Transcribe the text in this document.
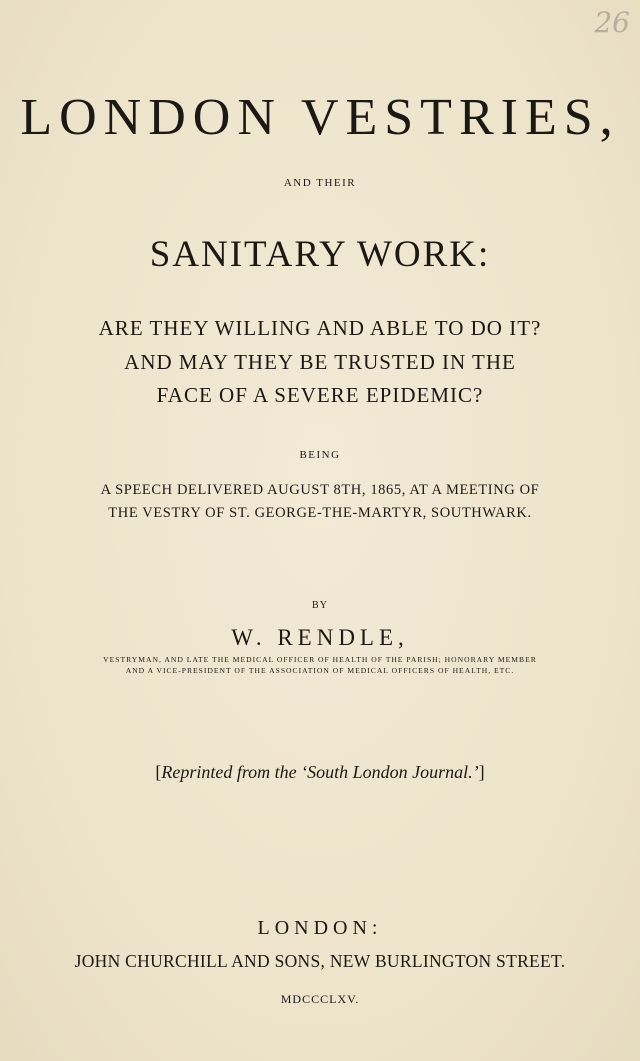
26
LONDON VESTRIES,
AND THEIR
SANITARY WORK:
ARE THEY WILLING AND ABLE TO DO IT?
AND MAY THEY BE TRUSTED IN THE
FACE OF A SEVERE EPIDEMIC?
BEING
A SPEECH DELIVERED AUGUST 8TH, 1865, AT A MEETING OF
THE VESTRY OF ST. GEORGE-THE-MARTYR, SOUTHWARK.
BY
W. RENDLE,
VESTRYMAN, AND LATE THE MEDICAL OFFICER OF HEALTH OF THE PARISH; HONORARY MEMBER
AND A VICE-PRESIDENT OF THE ASSOCIATION OF MEDICAL OFFICERS OF HEALTH, ETC.
[Reprinted from the ‘South London Journal.’]
LONDON:
JOHN CHURCHILL AND SONS, NEW BURLINGTON STREET.
MDCCCLXV.
